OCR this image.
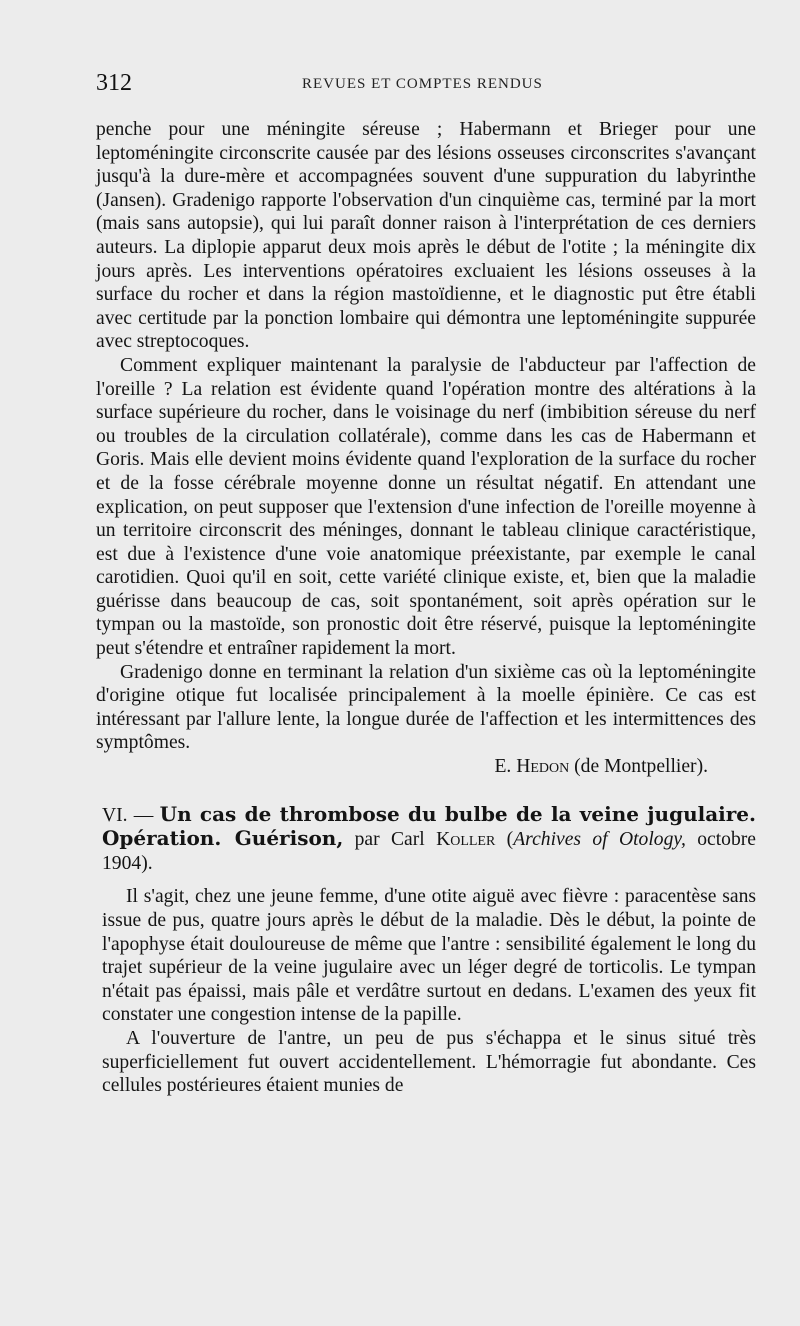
312	REVUES ET COMPTES RENDUS

penche pour une méningite séreuse ; Habermann et Brieger pour une leptoméningite circonscrite causée par des lésions osseuses circonscrites s'avançant jusqu'à la dure-mère et accompagnées souvent d'une suppuration du labyrinthe (Jansen). Gradenigo rapporte l'observation d'un cinquième cas, terminé par la mort (mais sans autopsie), qui lui paraît donner raison à l'interprétation de ces derniers auteurs. La diplopie apparut deux mois après le début de l'otite ; la méningite dix jours après. Les interventions opératoires excluaient les lésions osseuses à la surface du rocher et dans la région mastoïdienne, et le diagnostic put être établi avec certitude par la ponction lombaire qui démontra une leptoméningite suppurée avec streptocoques.

Comment expliquer maintenant la paralysie de l'abducteur par l'affection de l'oreille ? La relation est évidente quand l'opération montre des altérations à la surface supérieure du rocher, dans le voisinage du nerf (imbibition séreuse du nerf ou troubles de la circulation collatérale), comme dans les cas de Habermann et Goris. Mais elle devient moins évidente quand l'exploration de la surface du rocher et de la fosse cérébrale moyenne donne un résultat négatif. En attendant une explication, on peut supposer que l'extension d'une infection de l'oreille moyenne à un territoire circonscrit des méninges, donnant le tableau clinique caractéristique, est due à l'existence d'une voie anatomique préexistante, par exemple le canal carotidien. Quoi qu'il en soit, cette variété clinique existe, et, bien que la maladie guérisse dans beaucoup de cas, soit spontanément, soit après opération sur le tympan ou la mastoïde, son pronostic doit être réservé, puisque la leptoméningite peut s'étendre et entraîner rapidement la mort.

Gradenigo donne en terminant la relation d'un sixième cas où la leptoméningite d'origine otique fut localisée principalement à la moelle épinière. Ce cas est intéressant par l'allure lente, la longue durée de l'affection et les intermittences des symptômes.

E. Hedon (de Montpellier).

VI. — Un cas de thrombose du bulbe de la veine jugulaire. Opération. Guérison, par Carl Koller (Archives of Otology, octobre 1904).

Il s'agit, chez une jeune femme, d'une otite aiguë avec fièvre : paracentèse sans issue de pus, quatre jours après le début de la maladie. Dès le début, la pointe de l'apophyse était douloureuse de même que l'antre : sensibilité également le long du trajet supérieur de la veine jugulaire avec un léger degré de torticolis. Le tympan n'était pas épaissi, mais pâle et verdâtre surtout en dedans. L'examen des yeux fit constater une congestion intense de la papille.

A l'ouverture de l'antre, un peu de pus s'échappa et le sinus situé très superficiellement fut ouvert accidentellement. L'hémorragie fut abondante. Ces cellules postérieures étaient munies de
